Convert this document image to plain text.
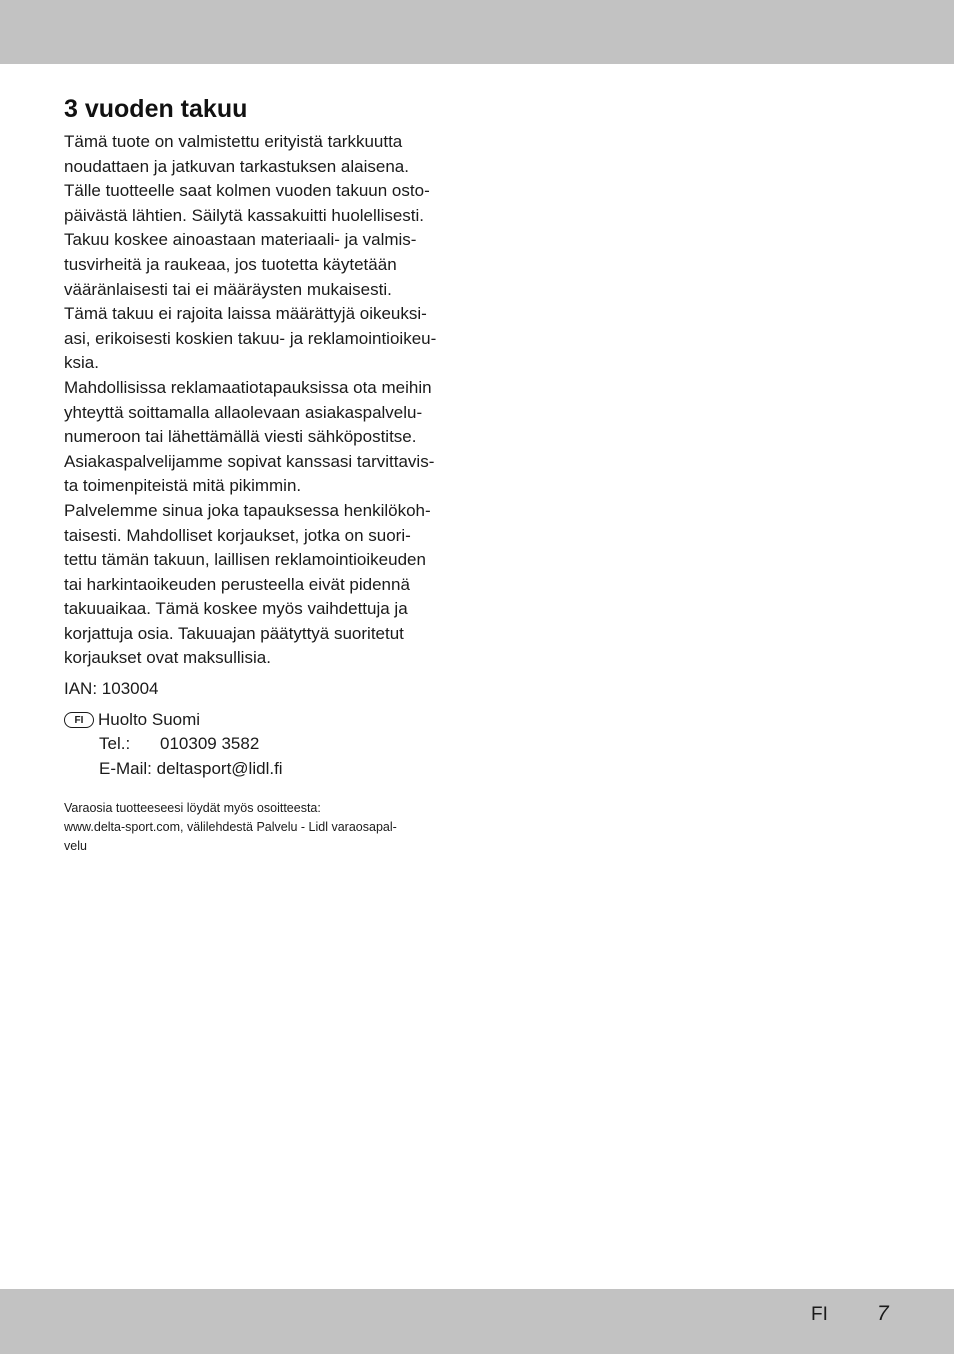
3 vuoden takuu
Tämä tuote on valmistettu erityistä tarkkuutta
noudattaen ja jatkuvan tarkastuksen alaisena.
Tälle tuotteelle saat kolmen vuoden takuun osto-
päivästä lähtien. Säilytä kassakuitti huolellisesti.
Takuu koskee ainoastaan materiaali- ja valmis-
tusvirheitä ja raukeaa, jos tuotetta käytetään
vääränlaisesti tai ei määräysten mukaisesti.
Tämä takuu ei rajoita laissa määrättyjä oikeuksi-
asi, erikoisesti koskien takuu- ja reklamointioikeu-
ksia.
Mahdollisissa reklamaatiotapauksissa ota meihin
yhteyttä soittamalla allaolevaan asiakaspalvelu-
numeroon tai lähettämällä viesti sähköpostitse.
Asiakaspalvelijamme sopivat kanssasi tarvittavis-
ta toimenpiteistä mitä pikimmin.
Palvelemme sinua joka tapauksessa henkilökoh-
taisesti. Mahdolliset korjaukset, jotka on suori-
tettu tämän takuun, laillisen reklamointioikeuden
tai harkintaoikeuden perusteella eivät pidennä
takuuaikaa. Tämä koskee myös vaihdettuja ja
korjattuja osia. Takuuajan päätyttyä suoritetut
korjaukset ovat maksullisia.
IAN: 103004
FI Huolto Suomi
Tel.: 010309 3582
E-Mail: deltasport@lidl.fi
Varaosia tuotteeseesi löydät myös osoitteesta:
www.delta-sport.com, välilehdestä Palvelu - Lidl varaosapal-
velu
FI 7
